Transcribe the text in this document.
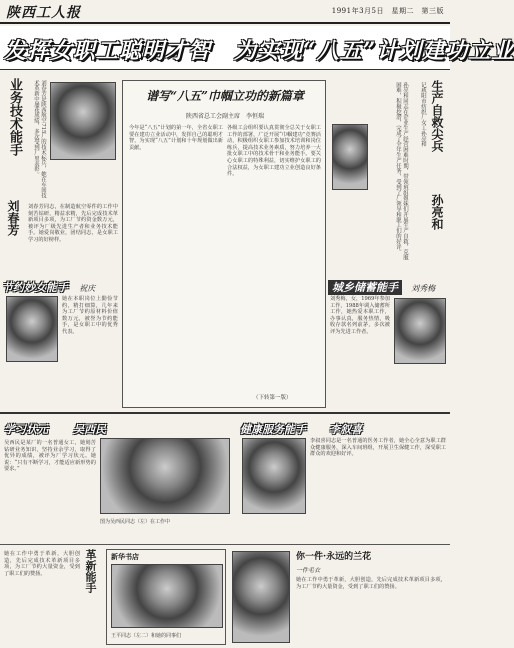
陕西工人报	1991年3月5日　星期二　第三版
发挥女职工聪明才智　为实现“八五”计划建功立业
业务技术能手
刘春芳
刘春芳是陕西航空715厂的技术标兵，她在车间技术革新中屡获成绩，多次受到厂里表彰。
刘春芳同志，在制造航空零件的工作中刻苦钻研，精益求精，先后完成技术革新项目多项，为工厂节约资金数万元，被评为厂级先进生产者和业务技术能手。她爱岗敬业，团结同志，是女职工学习的好榜样。
谱写“八五”巾帼立功的新篇章
陕西省总工会副主席　李恒瑞
今年是“八五”计划的第一年，全省女职工要在建功立业活动中，发挥自己的聪明才智，为实现“八五”计划和十年规划做出新贡献。
各级工会组织要认真贯彻全总关于女职工工作的部署，广泛开展“巾帼建功”竞赛活动，积极组织女职工参加技术培训和岗位练兵，提高技术业务素质，努力培养一大批女职工中的技术骨干和业务能手。要关心女职工的特殊利益，切实维护女职工的合法权益，为女职工建功立业创造良好条件。
（下转第一版）
生产自救尖兵
孙亮和
记咸阳市纺织厂女工孙亮和
孙亮和同志在企业生产经营困难时期，带领班组姐妹们开展生产自救，克服困难，积极挖潜，完成了全年生产任务，受到了厂领导和职工们的好评。
节约妙女能手 祝庆
她在本职岗位上勤俭节约，精打细算，几年来为工厂节约原材料价值数万元，被誉为节约能手，是女职工中的优秀代表。
城乡储蓄能手 刘秀梅
刘秀梅，女，1969年参加工作，1988年调入储蓄所工作，她热爱本职工作，办事认真，服务热情，吸收存款名列前茅，多次被评为先进工作者。
学习状元 吴西民
吴西民是某厂的一名普通女工，她刻苦钻研业务知识，坚持业余学习，取得了优异的成绩，被评为厂学习状元。她说：“只有不断学习，才能适应新形势的要求。”
图为吴西民同志（左）在工作中
健康服务能手 李叙喜
李叙喜同志是一名普通的医务工作者，她全心全意为职工群众健康服务，深入车间班组，开展卫生保健工作，深受职工群众的欢迎和好评。
革新能手
她在工作中勇于革新，大胆创造，先后完成技术革新项目多项，为工厂节约大量资金，受到了职工们的赞扬。
新华书店
王平同志（左二）和她的同事们
你一件·永远的兰花
一件毛衣
她在工作中勇于革新，大胆创造，先后完成技术革新项目多项，为工厂节约大量资金，受到了职工们的赞扬。
